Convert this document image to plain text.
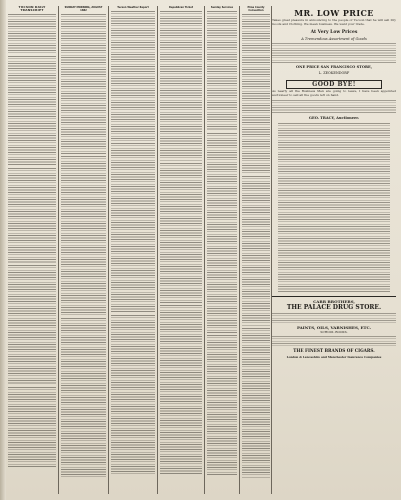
TUCSON DAILY TRANSCRIPT

SUNDAY MORNING, AUGUST 1882

Tucson Weather Report	Republican Ticket	Sunday Services	Pima County Convention	MR. LOW PRICE

Takes great pleasure in announcing to the people of Tucson that he will sell Dry Goods and Clothing. We mean business. We want your trade.

At Very Low Prices

A Tremendous Assortment of Goods

ONE PRICE SAN FRANCISCO STORE,

L. ZEOKENDORF

GOOD BYE!

As nearly all the Business Men are going to leave, I have been appointed auctioneer to sell all the goods left on hand.

GEO. TRACY, Auctioneer.

CARR BROTHERS,

THE PALACE DRUG STORE.

PAINTS, OILS, VARNISHES, ETC.

SCHOOL BOOKS.

THE FINEST BRANDS OF CIGARS.

London & Lancashire and Manchester Insurance Companies
